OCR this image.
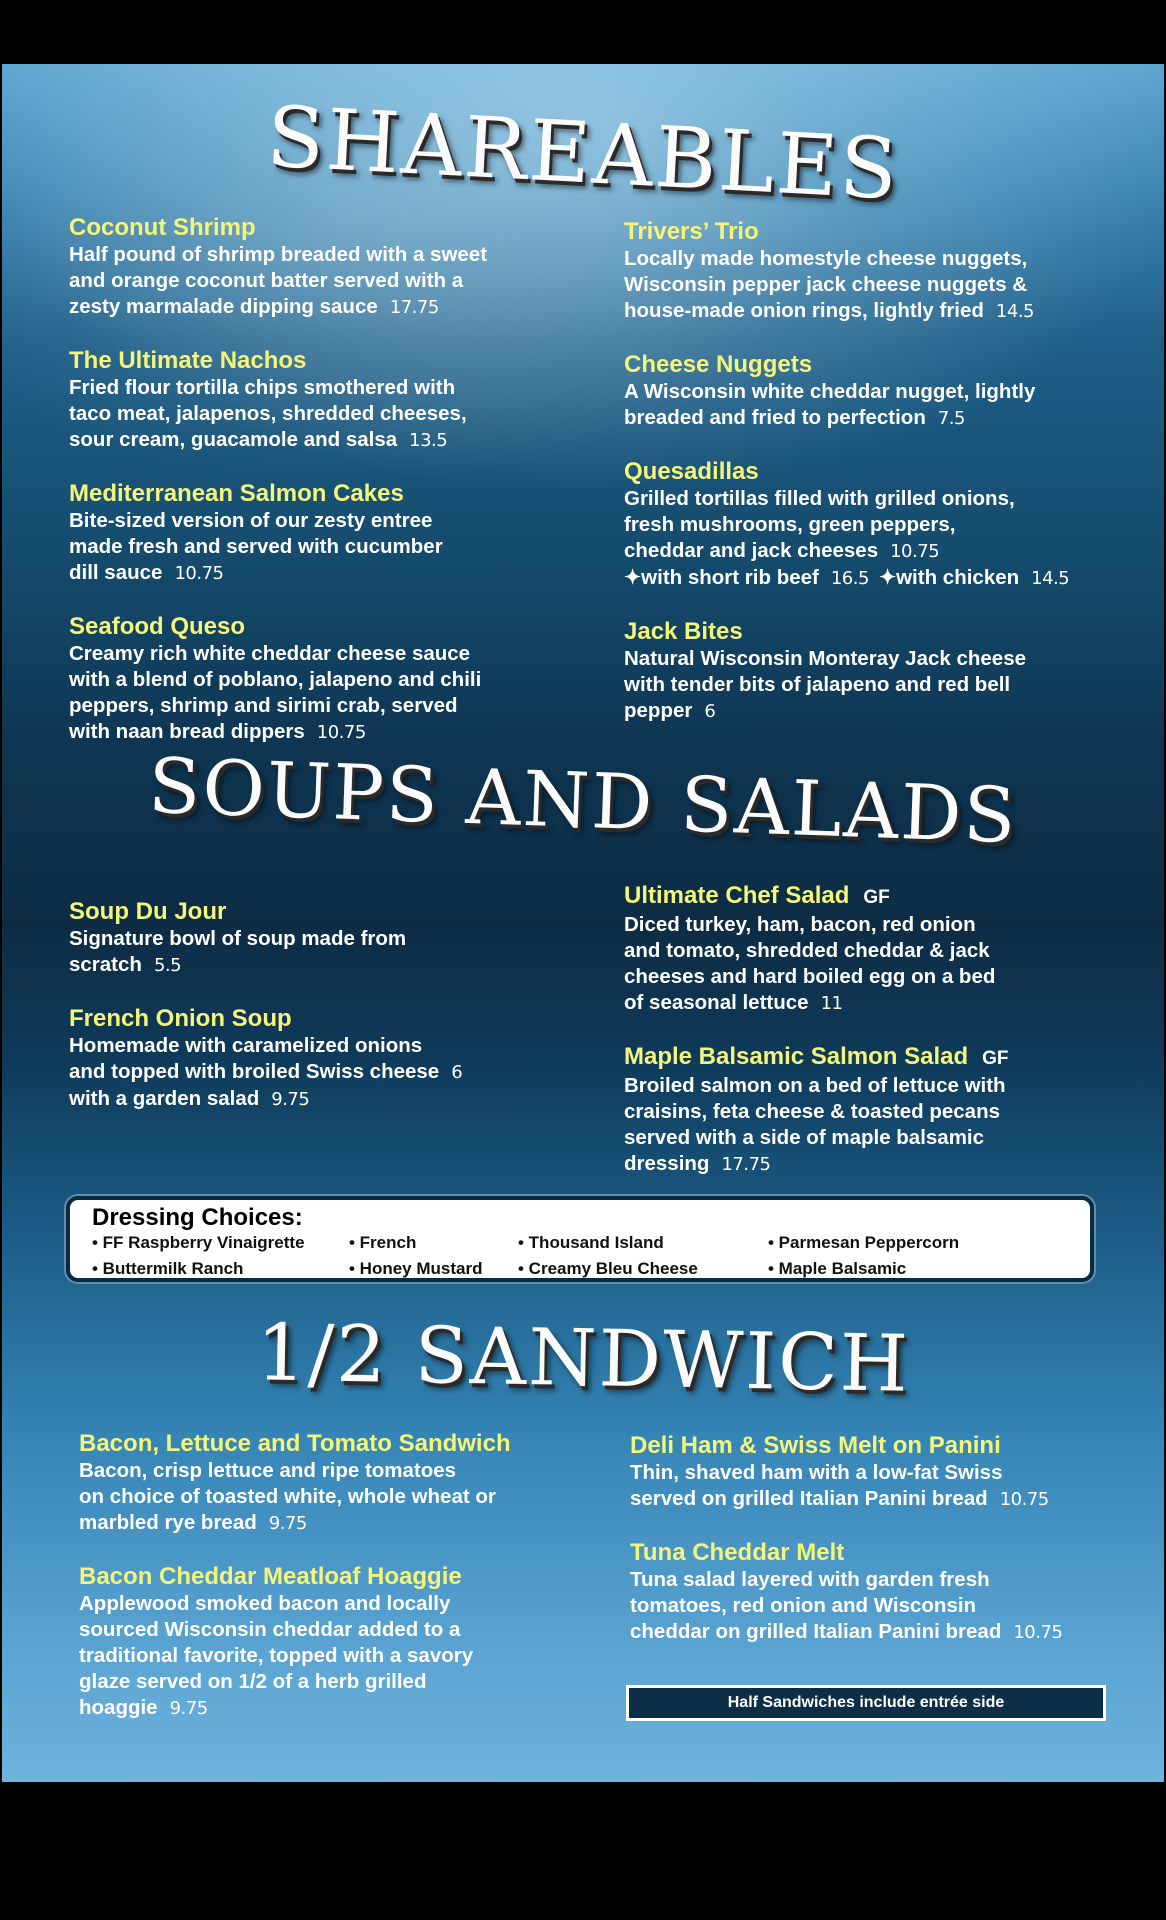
SHAREABLES
Coconut Shrimp
Half pound of shrimp breaded with a sweet
and orange coconut batter served with a
zesty marmalade dipping sauce 17.75
The Ultimate Nachos
Fried flour tortilla chips smothered with
taco meat, jalapenos, shredded cheeses,
sour cream, guacamole and salsa 13.5
Mediterranean Salmon Cakes
Bite-sized version of our zesty entree
made fresh and served with cucumber
dill sauce 10.75
Seafood Queso
Creamy rich white cheddar cheese sauce
with a blend of poblano, jalapeno and chili
peppers, shrimp and sirimi crab, served
with naan bread dippers 10.75
Trivers’ Trio
Locally made homestyle cheese nuggets,
Wisconsin pepper jack cheese nuggets &
house-made onion rings, lightly fried 14.5
Cheese Nuggets
A Wisconsin white cheddar nugget, lightly
breaded and fried to perfection 7.5
Quesadillas
Grilled tortillas filled with grilled onions,
fresh mushrooms, green peppers,
cheddar and jack cheeses 10.75
✦with short rib beef 16.5 ✦with chicken 14.5
Jack Bites
Natural Wisconsin Monteray Jack cheese
with tender bits of jalapeno and red bell
pepper 6
SOUPS AND SALADS
Soup Du Jour
Signature bowl of soup made from
scratch 5.5
French Onion Soup
Homemade with caramelized onions
and topped with broiled Swiss cheese 6
with a garden salad 9.75
Ultimate Chef Salad GF
Diced turkey, ham, bacon, red onion
and tomato, shredded cheddar & jack
cheeses and hard boiled egg on a bed
of seasonal lettuce 11
Maple Balsamic Salmon Salad GF
Broiled salmon on a bed of lettuce with
craisins, feta cheese & toasted pecans
served with a side of maple balsamic
dressing 17.75
Dressing Choices:
• FF Raspberry Vinaigrette
• Buttermilk Ranch
• French
• Honey Mustard
• Thousand Island
• Creamy Bleu Cheese
• Parmesan Peppercorn
• Maple Balsamic
1/2 SANDWICH
Bacon, Lettuce and Tomato Sandwich
Bacon, crisp lettuce and ripe tomatoes
on choice of toasted white, whole wheat or
marbled rye bread 9.75
Bacon Cheddar Meatloaf Hoaggie
Applewood smoked bacon and locally
sourced Wisconsin cheddar added to a
traditional favorite, topped with a savory
glaze served on 1/2 of a herb grilled
hoaggie 9.75
Deli Ham & Swiss Melt on Panini
Thin, shaved ham with a low-fat Swiss
served on grilled Italian Panini bread 10.75
Tuna Cheddar Melt
Tuna salad layered with garden fresh
tomatoes, red onion and Wisconsin
cheddar on grilled Italian Panini bread 10.75
Half Sandwiches include entrée side
